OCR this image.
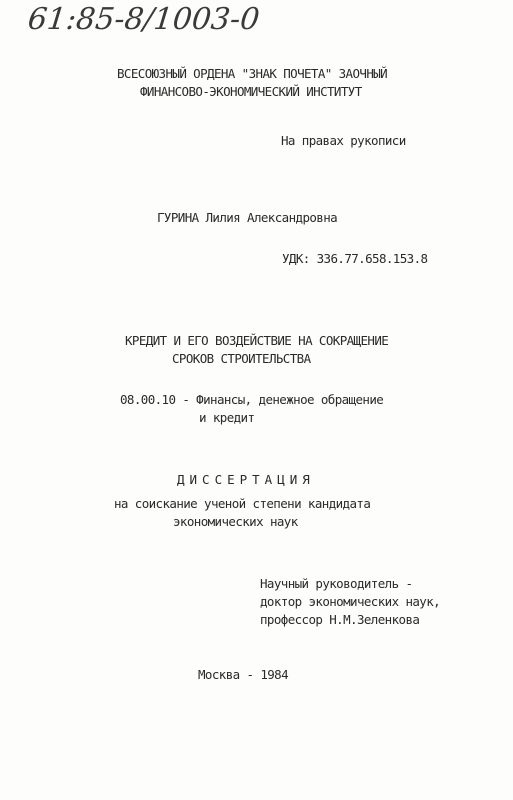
61:85-8/1003-0
ВСЕСОЮЗНЫЙ ОРДЕНА "ЗНАК ПОЧЕТА" ЗАОЧНЫЙ
ФИНАНСОВО-ЭКОНОМИЧЕСКИЙ ИНСТИТУТ
На правах рукописи
ГУРИНА Лилия Александровна
УДК: 336.77.658.153.8
КРЕДИТ И ЕГО ВОЗДЕЙСТВИЕ НА СОКРАЩЕНИЕ
СРОКОВ СТРОИТЕЛЬСТВА
08.00.10 - Финансы, денежное обращение
и кредит
ДИССЕРТАЦИЯ
на соискание ученой степени кандидата
экономических наук
Научный руководитель -
доктор экономических наук,
профессор Н.М.Зеленкова
Москва - 1984
